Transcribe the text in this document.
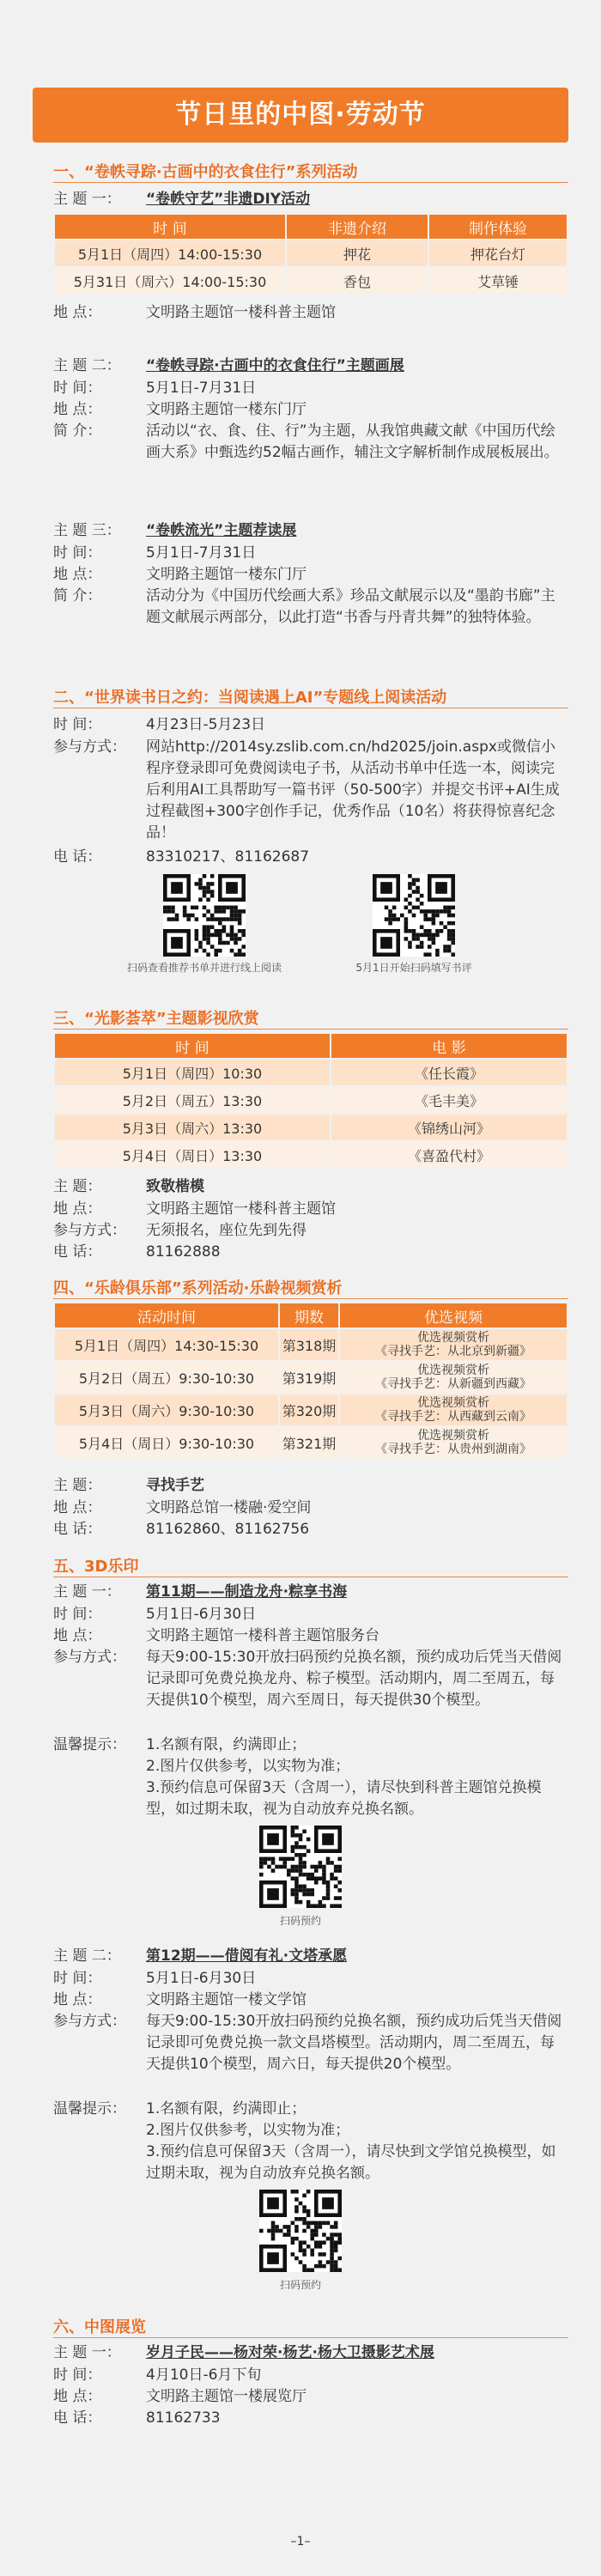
节日里的中图·劳动节
一、“卷帙寻踪·古画中的衣食住行”系列活动
主 题 一：	“卷帙守艺”非遗DIY活动
时 间	非遗介绍	制作体验
5月1日（周四）14:00-15:30	押花	押花台灯
5月31日（周六）14:00-15:30	香包	艾草锤
地 点：	文明路主题馆一楼科普主题馆
主 题 二：	“卷帙寻踪·古画中的衣食住行”主题画展
时 间：	5月1日-7月31日
地 点：	文明路主题馆一楼东门厅
简 介：	活动以“衣、食、住、行”为主题，从我馆典藏文献《中国历代绘画大系》中甄选约52幅古画作，辅注文字解析制作成展板展出。
主 题 三：	“卷帙流光”主题荐读展
时 间：	5月1日-7月31日
地 点：	文明路主题馆一楼东门厅
简 介：	活动分为《中国历代绘画大系》珍品文献展示以及“墨韵书廊”主题文献展示两部分，以此打造“书香与丹青共舞”的独特体验。
二、“世界读书日之约：当阅读遇上AI”专题线上阅读活动
时 间：	4月23日-5月23日
参与方式：	网站http://2014sy.zslib.com.cn/hd2025/join.aspx或微信小程序登录即可免费阅读电子书，从活动书单中任选一本，阅读完后利用AI工具帮助写一篇书评（50-500字）并提交书评+AI生成过程截图+300字创作手记，优秀作品（10名）将获得惊喜纪念品！
电 话：	83310217、81162687
扫码查看推荐书单并进行线上阅读	5月1日开始扫码填写书评
三、“光影荟萃”主题影视欣赏
时 间	电 影
5月1日（周四）10:30	《任长霞》
5月2日（周五）13:30	《毛丰美》
5月3日（周六）13:30	《锦绣山河》
5月4日（周日）13:30	《喜盈代村》
主 题：	致敬楷模
地 点：	文明路主题馆一楼科普主题馆
参与方式：	无须报名，座位先到先得
电 话：	81162888
四、“乐龄俱乐部”系列活动·乐龄视频赏析
活动时间	期数	优选视频
5月1日（周四）14:30-15:30	第318期	优选视频赏析
《寻找手艺：从北京到新疆》

5月2日（周五）9:30-10:30	第319期	优选视频赏析
《寻找手艺：从新疆到西藏》

5月3日（周六）9:30-10:30	第320期	优选视频赏析
《寻找手艺：从西藏到云南》

5月4日（周日）9:30-10:30	第321期	优选视频赏析
《寻找手艺：从贵州到湖南》
主 题：	寻找手艺
地 点：	文明路总馆一楼融·爱空间
电 话：	81162860、81162756
五、3D乐印
主 题 一：	第11期——制造龙舟·粽享书海
时 间：	5月1日-6月30日
地 点：	文明路主题馆一楼科普主题馆服务台
参与方式：	每天9:00-15:30开放扫码预约兑换名额，预约成功后凭当天借阅记录即可免费兑换龙舟、粽子模型。活动期内，周二至周五，每天提供10个模型，周六至周日，每天提供30个模型。
温馨提示：	1.名额有限，约满即止；
2.图片仅供参考，以实物为准；
3.预约信息可保留3天（含周一），请尽快到科普主题馆兑换模型，如过期未取，视为自动放弃兑换名额。
扫码预约
主 题 二：	第12期——借阅有礼·文塔承愿
时 间：	5月1日-6月30日
地 点：	文明路主题馆一楼文学馆
参与方式：	每天9:00-15:30开放扫码预约兑换名额，预约成功后凭当天借阅记录即可免费兑换一款文昌塔模型。活动期内，周二至周五，每天提供10个模型，周六日，每天提供20个模型。
温馨提示：	1.名额有限，约满即止；
2.图片仅供参考，以实物为准；
3.预约信息可保留3天（含周一），请尽快到文学馆兑换模型，如过期未取，视为自动放弃兑换名额。
扫码预约
六、中图展览
主 题 一：	岁月子民——杨对荣·杨艺·杨大卫摄影艺术展
时 间：	4月10日-6月下旬
地 点：	文明路主题馆一楼展览厅
电 话：	81162733
–1–
